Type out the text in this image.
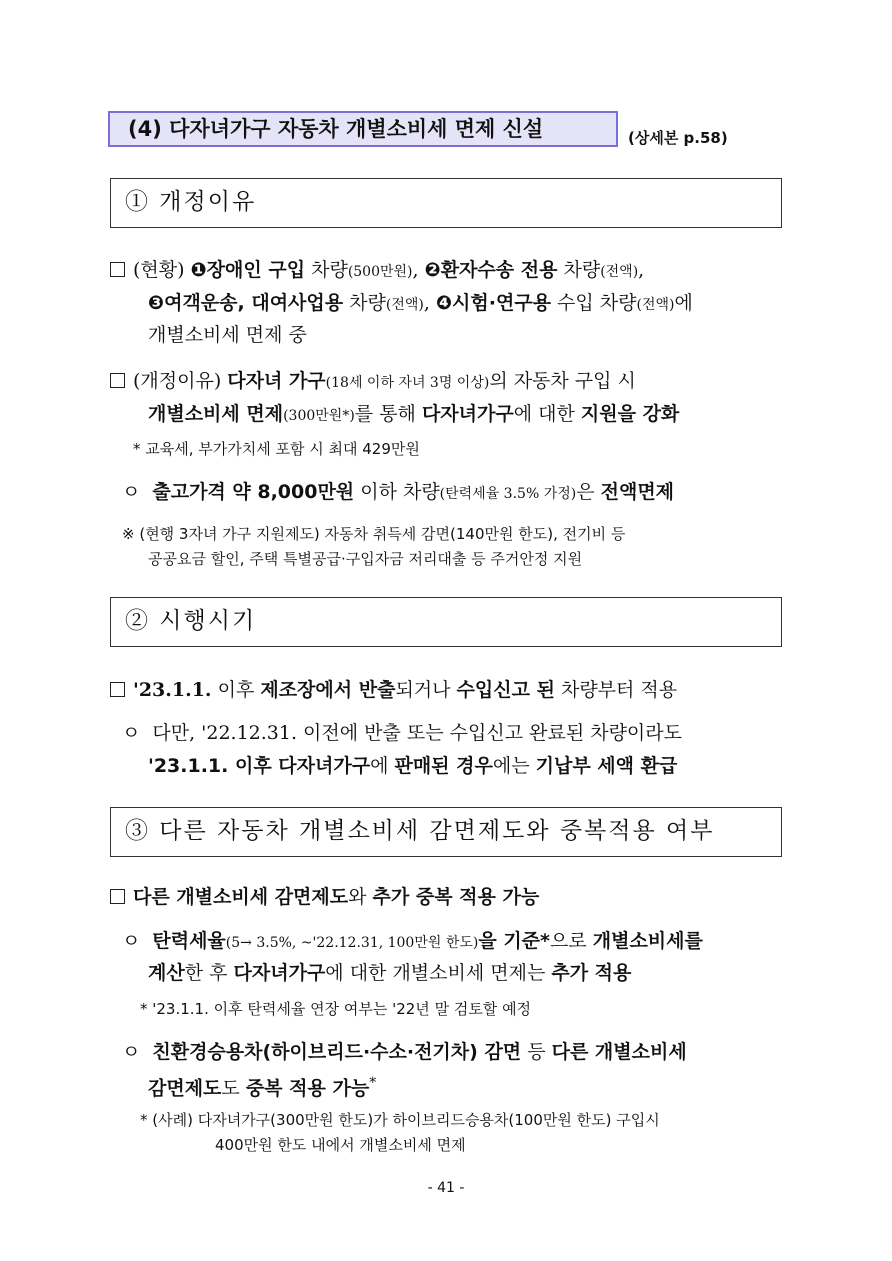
(4) 다자녀가구 자동차 개별소비세 면제 신설	(상세본 p.58)
① 개정이유
(현황) ❶장애인 구입 차량(500만원), ❷환자수송 전용 차량(전액),
❸여객운송, 대여사업용 차량(전액), ❹시험·연구용 수입 차량(전액)에
개별소비세 면제 중
(개정이유) 다자녀 가구(18세 이하 자녀 3명 이상)의 자동차 구입 시
개별소비세 면제(300만원*)를 통해 다자녀가구에 대한 지원을 강화
* 교육세, 부가가치세 포함 시 최대 429만원
ㅇ 출고가격 약 8,000만원 이하 차량(탄력세율 3.5% 가정)은 전액면제
※ (현행 3자녀 가구 지원제도) 자동차 취득세 감면(140만원 한도), 전기비 등
공공요금 할인, 주택 특별공급·구입자금 저리대출 등 주거안정 지원
② 시행시기
'23.1.1. 이후 제조장에서 반출되거나 수입신고 된 차량부터 적용
ㅇ 다만, '22.12.31. 이전에 반출 또는 수입신고 완료된 차량이라도
'23.1.1. 이후 다자녀가구에 판매된 경우에는 기납부 세액 환급
③ 다른 자동차 개별소비세 감면제도와 중복적용 여부
다른 개별소비세 감면제도와 추가 중복 적용 가능
ㅇ 탄력세율(5→ 3.5%, ~'22.12.31, 100만원 한도)을 기준*으로 개별소비세를
계산한 후 다자녀가구에 대한 개별소비세 면제는 추가 적용
* '23.1.1. 이후 탄력세율 연장 여부는 '22년 말 검토할 예정
ㅇ 친환경승용차(하이브리드·수소·전기차) 감면 등 다른 개별소비세
감면제도도 중복 적용 가능*
* (사례) 다자녀가구(300만원 한도)가 하이브리드승용차(100만원 한도) 구입시
400만원 한도 내에서 개별소비세 면제
- 41 -
